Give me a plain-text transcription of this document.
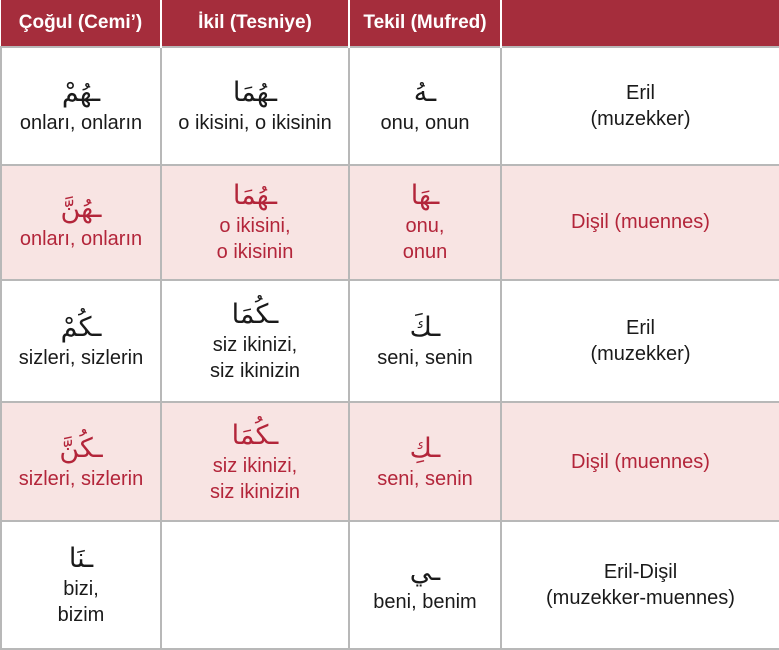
Çoğul (Cemi’)	İkil (Tesniye)	Tekil (Mufred)	

ـهُمْ
onları, onların	ـهُمَا
o ikisini, o ikisinin	ـهُ
onu, onun	Eril
(muzekker)

ـهُنَّ
onları, onların	ـهُمَا
o ikisini,
o ikisinin	ـهَا
onu,
onun	Dişil (muennes)

ـكُمْ
sizleri, sizlerin	ـكُمَا
siz ikinizi,
siz ikinizin	ـكَ
seni, senin	Eril
(muzekker)

ـكُنَّ
sizleri, sizlerin	ـكُمَا
siz ikinizi,
siz ikinizin	ـكِ
seni, senin	Dişil (muennes)

ـنَا
bizi,
bizim		ـي
beni, benim	Eril-Dişil
(muzekker-muennes)
